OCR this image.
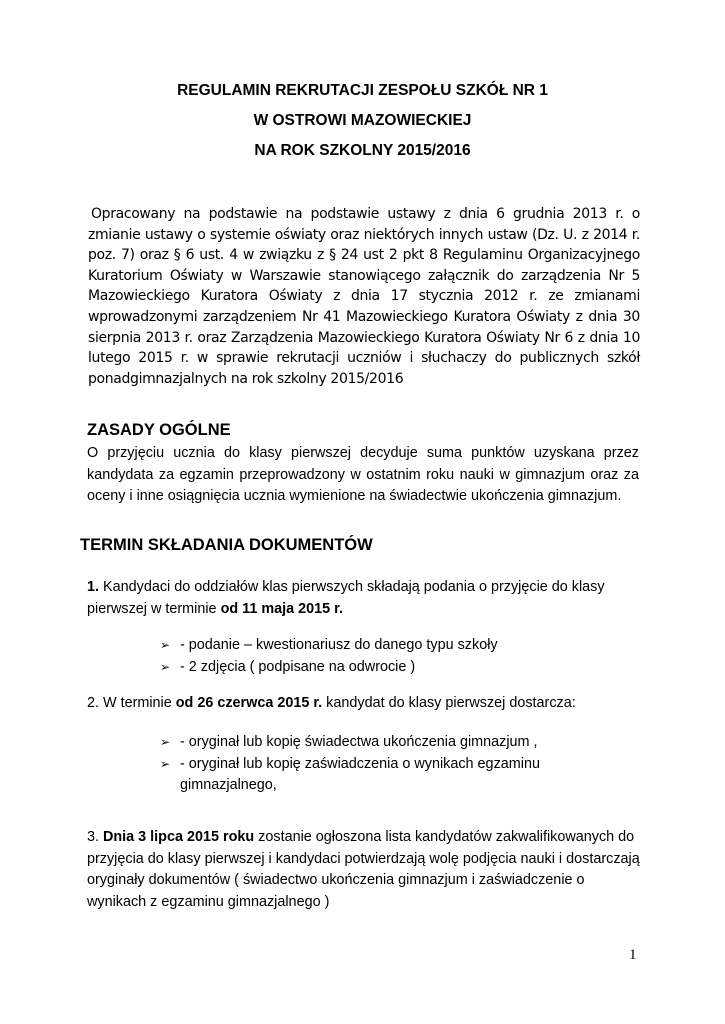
REGULAMIN REKRUTACJI ZESPOŁU SZKÓŁ NR 1
W OSTROWI MAZOWIECKIEJ
NA ROK SZKOLNY 2015/2016
Opracowany na podstawie na podstawie ustawy z dnia 6 grudnia 2013 r. o zmianie ustawy o systemie oświaty oraz niektórych innych ustaw (Dz. U. z 2014 r. poz. 7) oraz § 6 ust. 4 w związku z § 24 ust 2 pkt 8 Regulaminu Organizacyjnego Kuratorium Oświaty w Warszawie stanowiącego załącznik do zarządzenia Nr 5 Mazowieckiego Kuratora Oświaty z dnia 17 stycznia 2012 r. ze zmianami wprowadzonymi zarządzeniem Nr 41 Mazowieckiego Kuratora Oświaty z dnia 30 sierpnia 2013 r. oraz Zarządzenia Mazowieckiego Kuratora Oświaty Nr 6 z dnia 10 lutego 2015 r. w sprawie rekrutacji uczniów i słuchaczy do publicznych szkół ponadgimnazjalnych na rok szkolny 2015/2016
ZASADY OGÓLNE
O przyjęciu ucznia do klasy pierwszej decyduje suma punktów uzyskana przez kandydata za egzamin przeprowadzony w ostatnim roku nauki w gimnazjum oraz za oceny i inne osiągnięcia ucznia wymienione na świadectwie ukończenia gimnazjum.
TERMIN SKŁADANIA DOKUMENTÓW
1. Kandydaci do oddziałów klas pierwszych składają podania o przyjęcie do klasy pierwszej w terminie od 11 maja 2015 r.
➢ - podanie – kwestionariusz do danego typu szkoły
➢ - 2 zdjęcia ( podpisane na odwrocie )
2. W terminie od 26 czerwca 2015 r. kandydat do klasy pierwszej dostarcza:
➢ - oryginał lub kopię świadectwa ukończenia gimnazjum ,
➢ - oryginał lub kopię zaświadczenia o wynikach egzaminu gimnazjalnego,
3. Dnia 3 lipca 2015 roku zostanie ogłoszona lista kandydatów zakwalifikowanych do przyjęcia do klasy pierwszej i kandydaci potwierdzają wolę podjęcia nauki i dostarczają oryginały dokumentów ( świadectwo ukończenia gimnazjum i zaświadczenie o wynikach z egzaminu gimnazjalnego )
1
